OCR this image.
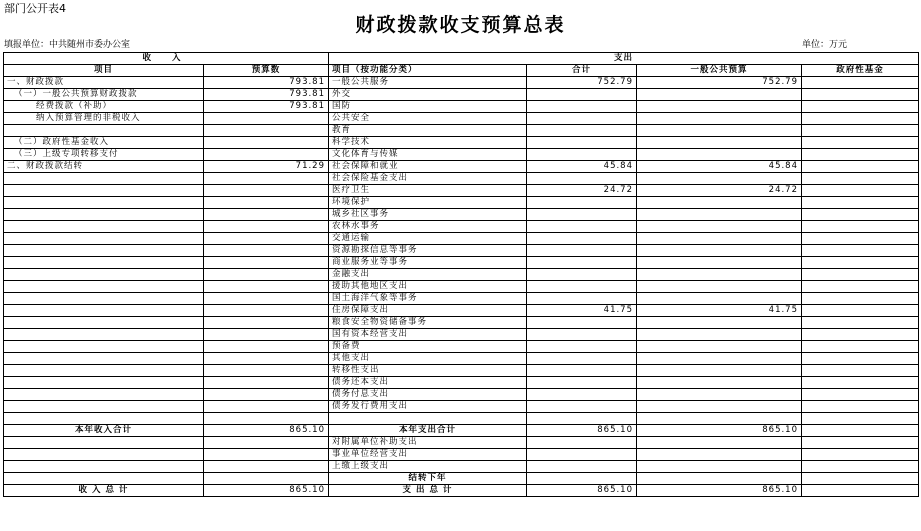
部门公开表4
财政拨款收支预算总表
填报单位：中共随州市委办公室	单位：万元
收 入		支出			
项目	预算数	项目（按功能分类）	合计	一般公共预算	政府性基金
一、财政拨款	793.81	一般公共服务	752.79	752.79	
（一）一般公共预算财政拨款	793.81	外交			
经费拨款（补助）	793.81	国防			
纳入预算管理的非税收入		公共安全			
		教育			
（二）政府性基金收入		科学技术			
（三）上级专项转移支付		文化体育与传媒			
二、财政拨款结转	71.29	社会保障和就业	45.84	45.84	
		社会保险基金支出			
		医疗卫生	24.72	24.72	
		环境保护			
		城乡社区事务			
		农林水事务			
		交通运输			
		资源勘探信息等事务			
		商业服务业等事务			
		金融支出			
		援助其他地区支出			
		国土海洋气象等事务			
		住房保障支出	41.75	41.75	
		粮食安全物资储备事务			
		国有资本经营支出			
		预备费			
		其他支出			
		转移性支出			
		债务还本支出			
		债务付息支出			
		债务发行费用支出			

本年收入合计	865.10	本年支出合计	865.10	865.10	
		对附属单位补助支出			
		事业单位经营支出			
		上缴上级支出			
		结转下年			
收 入 总 计	865.10	支 出 总 计	865.10	865.10	
